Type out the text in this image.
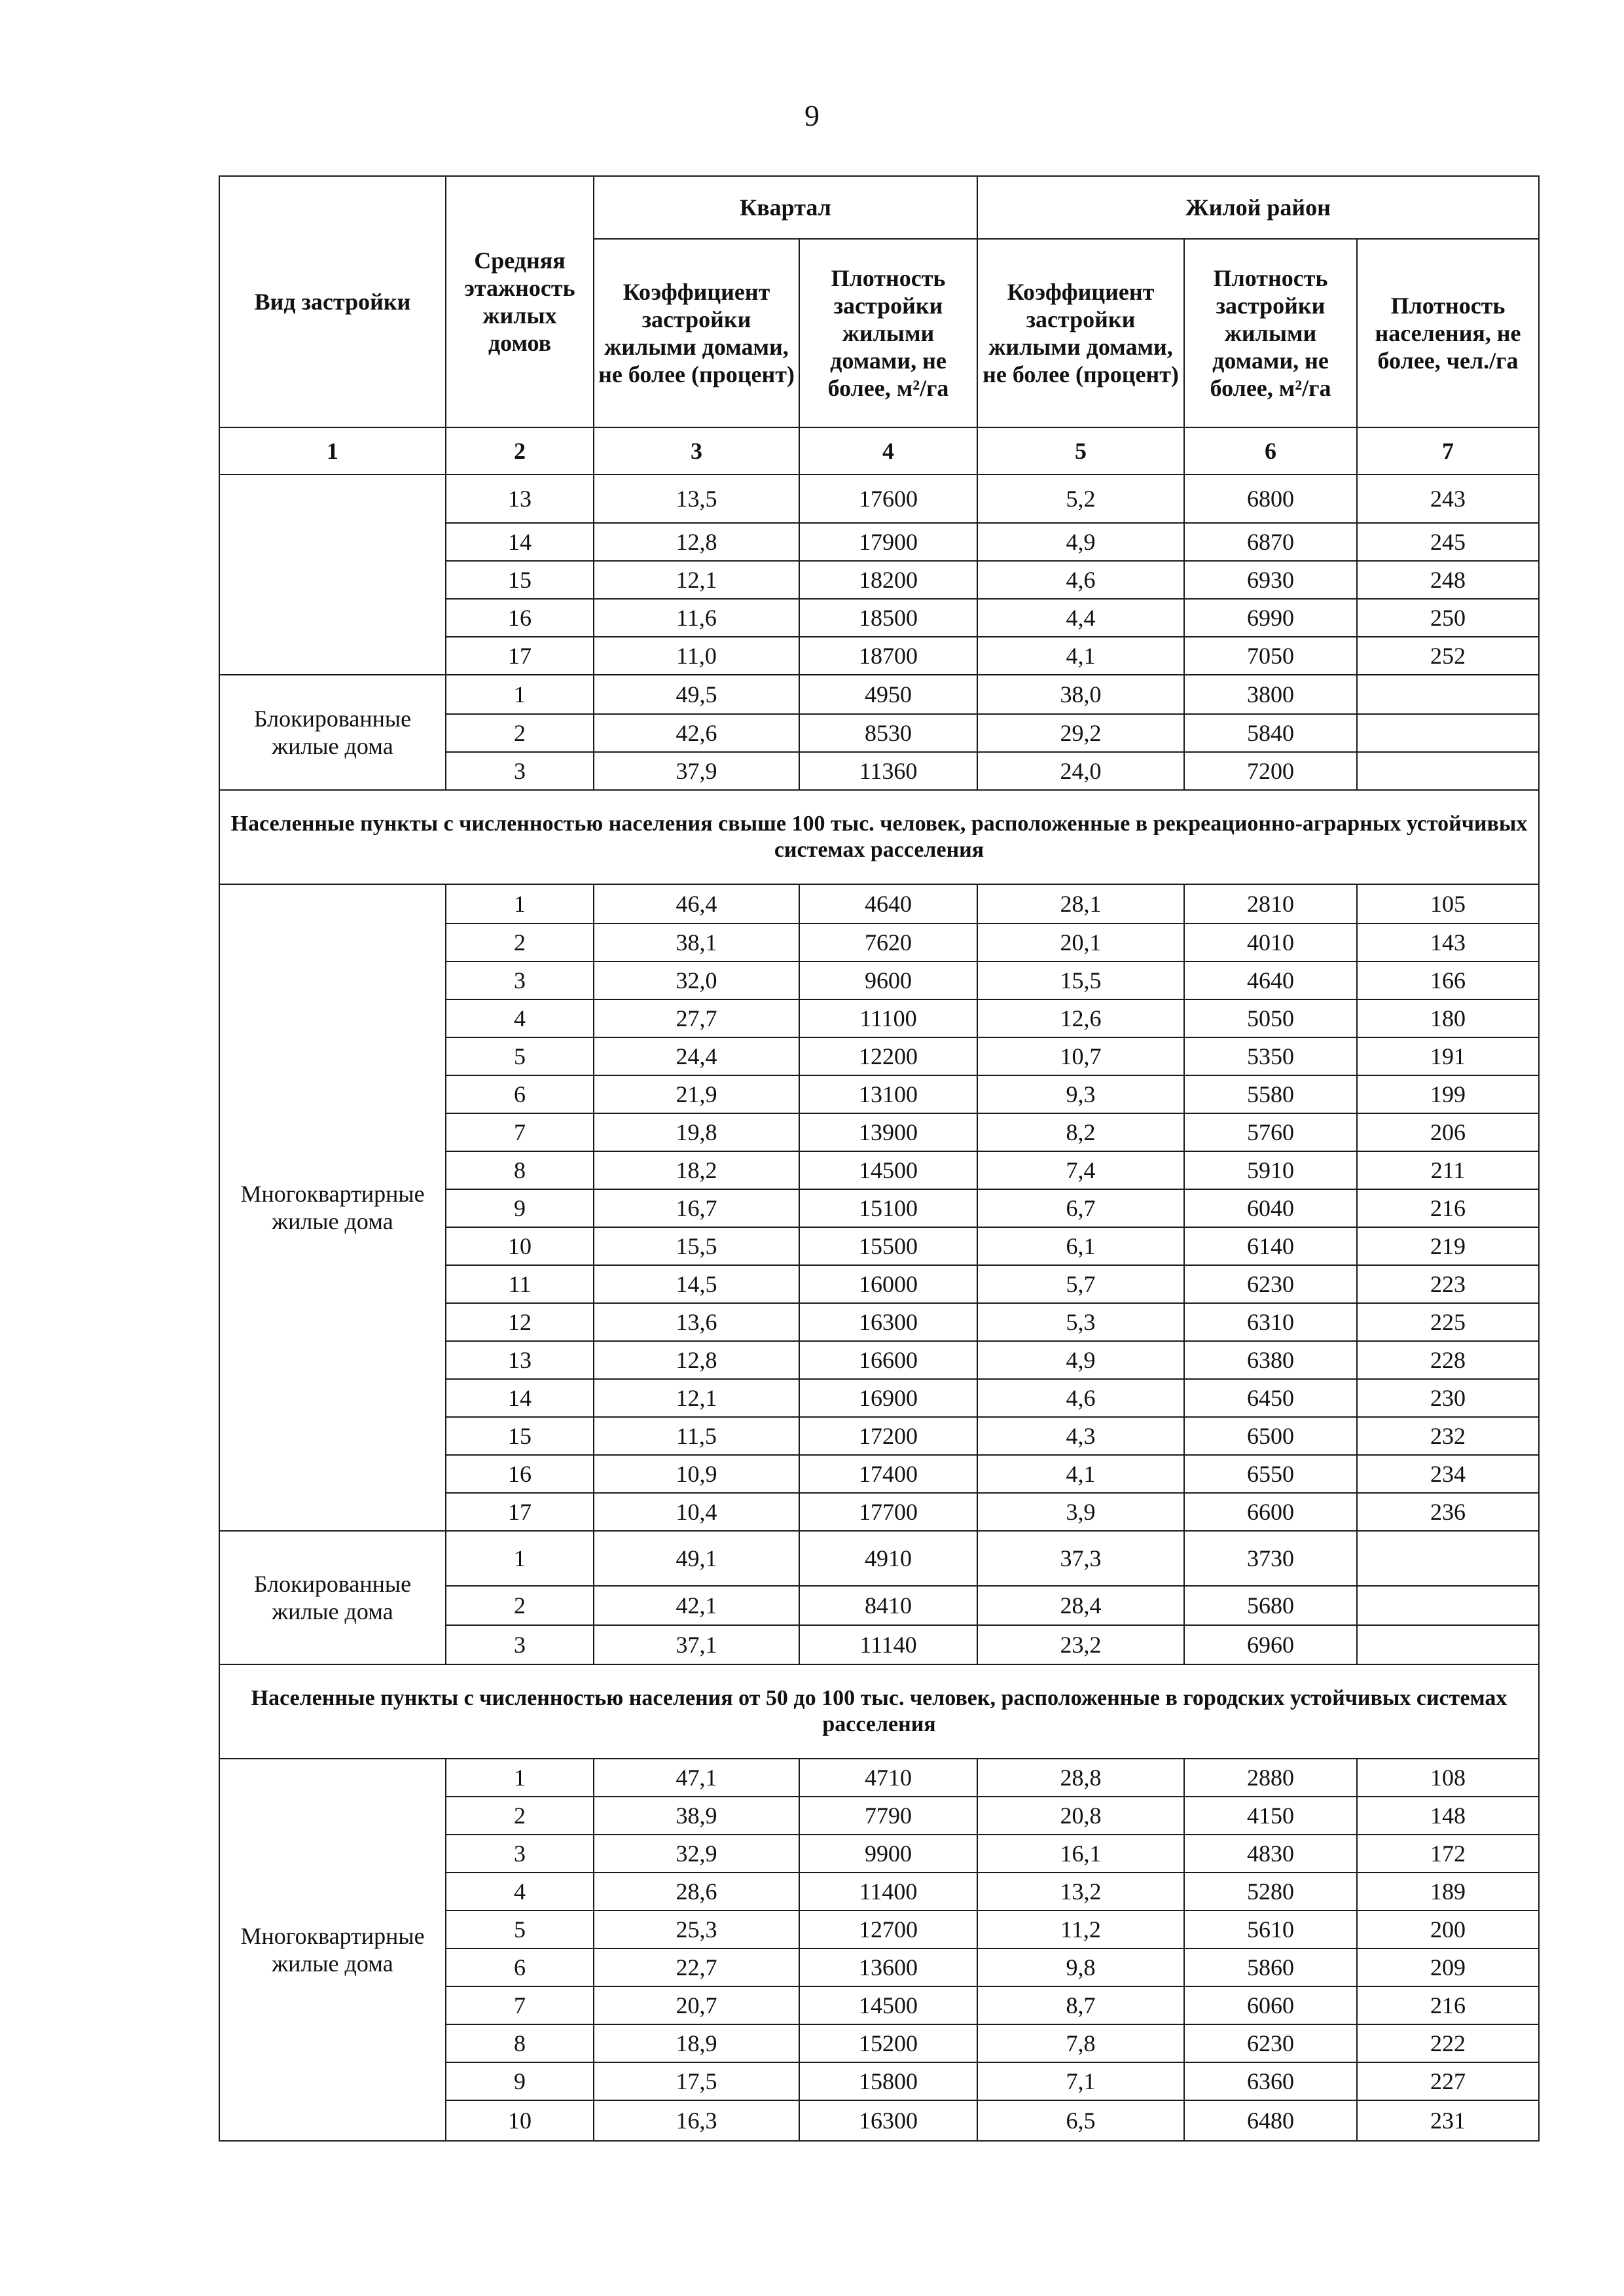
9
Вид застройки	Средняя этажность жилых домов	Квартал		Жилой район		
		Коэффициент застройки жилыми домами, не более (процент)	Плотность застройки жилыми домами, не более, м²/га	Коэффициент застройки жилыми домами, не более (процент)	Плотность застройки жилыми домами, не более, м²/га	Плотность населения, не более, чел./га
1	2	3	4	5	6	7
	13	13,5	17600	5,2	6800	243
	14	12,8	17900	4,9	6870	245
	15	12,1	18200	4,6	6930	248
	16	11,6	18500	4,4	6990	250
	17	11,0	18700	4,1	7050	252
Блокированные жилые дома	1	49,5	4950	38,0	3800	
	2	42,6	8530	29,2	5840	
	3	37,9	11360	24,0	7200	
Населенные пункты с численностью населения свыше 100 тыс. человек, расположенные в рекреационно-аграрных устойчивых системах расселения						
Многоквартирные жилые дома	1	46,4	4640	28,1	2810	105
	2	38,1	7620	20,1	4010	143
	3	32,0	9600	15,5	4640	166
	4	27,7	11100	12,6	5050	180
	5	24,4	12200	10,7	5350	191
	6	21,9	13100	9,3	5580	199
	7	19,8	13900	8,2	5760	206
	8	18,2	14500	7,4	5910	211
	9	16,7	15100	6,7	6040	216
	10	15,5	15500	6,1	6140	219
	11	14,5	16000	5,7	6230	223
	12	13,6	16300	5,3	6310	225
	13	12,8	16600	4,9	6380	228
	14	12,1	16900	4,6	6450	230
	15	11,5	17200	4,3	6500	232
	16	10,9	17400	4,1	6550	234
	17	10,4	17700	3,9	6600	236
Блокированные жилые дома	1	49,1	4910	37,3	3730	
	2	42,1	8410	28,4	5680	
	3	37,1	11140	23,2	6960	
Населенные пункты с численностью населения от 50 до 100 тыс. человек, расположенные в городских устойчивых системах расселения						
Многоквартирные жилые дома	1	47,1	4710	28,8	2880	108
	2	38,9	7790	20,8	4150	148
	3	32,9	9900	16,1	4830	172
	4	28,6	11400	13,2	5280	189
	5	25,3	12700	11,2	5610	200
	6	22,7	13600	9,8	5860	209
	7	20,7	14500	8,7	6060	216
	8	18,9	15200	7,8	6230	222
	9	17,5	15800	7,1	6360	227
	10	16,3	16300	6,5	6480	231
